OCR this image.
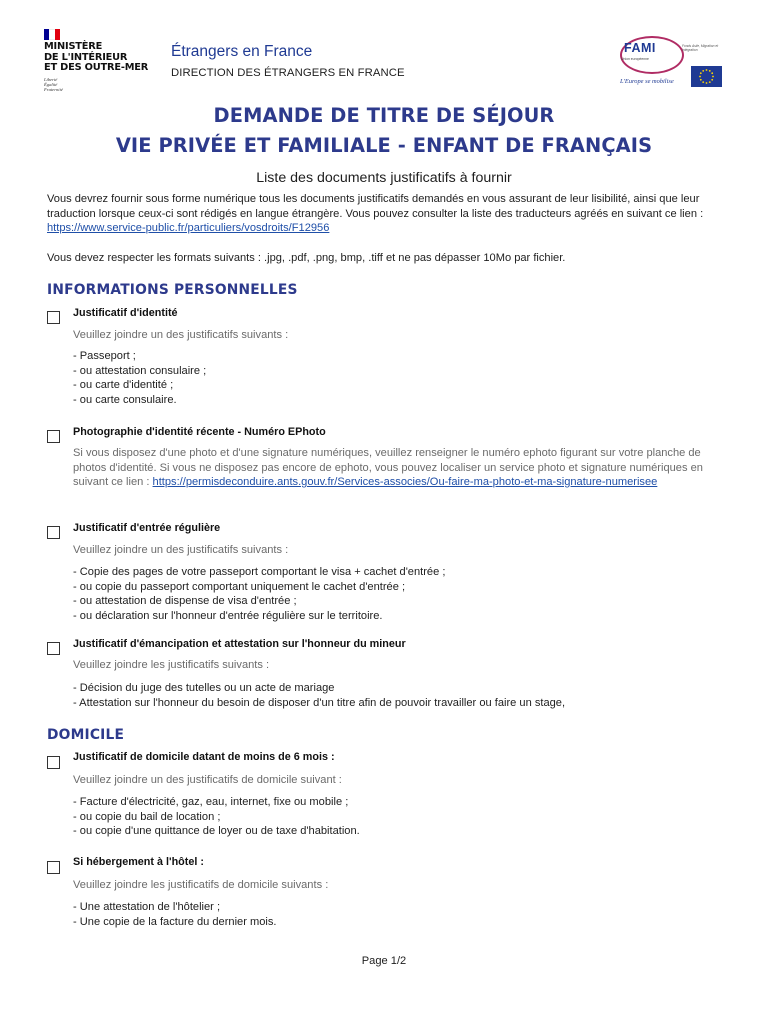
MINISTÈRE
DE L'INTÉRIEUR
ET DES OUTRE-MER
Liberté
Égalité
Fraternité
Étrangers en France
DIRECTION DES ÉTRANGERS EN FRANCE
FAMI
Union européenne
Fonds Asile, Migration et Intégration
L'Europe se mobilise
DEMANDE DE TITRE DE SÉJOUR
VIE PRIVÉE ET FAMILIALE - ENFANT DE FRANÇAIS
Liste des documents justificatifs à fournir
Vous devrez fournir sous forme numérique tous les documents justificatifs demandés en vous assurant de leur lisibilité, ainsi que leur traduction lorsque ceux-ci sont rédigés en langue étrangère. Vous pouvez consulter la liste des traducteurs agréés en suivant ce lien : https://www.service-public.fr/particuliers/vosdroits/F12956
Vous devez respecter les formats suivants : .jpg, .pdf, .png, bmp, .tiff et ne pas dépasser 10Mo par fichier.
INFORMATIONS PERSONNELLES
Justificatif d'identité
Veuillez joindre un des justificatifs suivants :
- Passeport ;
- ou attestation consulaire ;
- ou carte d'identité ;
- ou carte consulaire.
Photographie d'identité récente - Numéro EPhoto
Si vous disposez d'une photo et d'une signature numériques, veuillez renseigner le numéro ephoto figurant sur votre planche de photos d'identité. Si vous ne disposez pas encore de ephoto, vous pouvez localiser un service photo et signature numériques en suivant ce lien : https://permisdeconduire.ants.gouv.fr/Services-associes/Ou-faire-ma-photo-et-ma-signature-numerisee
Justificatif d'entrée régulière
Veuillez joindre un des justificatifs suivants :
- Copie des pages de votre passeport comportant le visa + cachet d'entrée ;
- ou copie du passeport comportant uniquement le cachet d'entrée ;
- ou attestation de dispense de visa d'entrée ;
- ou déclaration sur l'honneur d'entrée régulière sur le territoire.
Justificatif d'émancipation et attestation sur l'honneur du mineur
Veuillez joindre les justificatifs suivants :
- Décision du juge des tutelles ou un acte de mariage
- Attestation sur l'honneur du besoin de disposer d'un titre afin de pouvoir travailler ou faire un stage,
DOMICILE
Justificatif de domicile datant de moins de 6 mois :
Veuillez joindre un des justificatifs de domicile suivant :
- Facture d'électricité, gaz, eau, internet, fixe ou mobile ;
- ou copie du bail de location ;
- ou copie d'une quittance de loyer ou de taxe d'habitation.
Si hébergement à l'hôtel :
Veuillez joindre les justificatifs de domicile suivants :
- Une attestation de l'hôtelier ;
- Une copie de la facture du dernier mois.
Page 1/2
